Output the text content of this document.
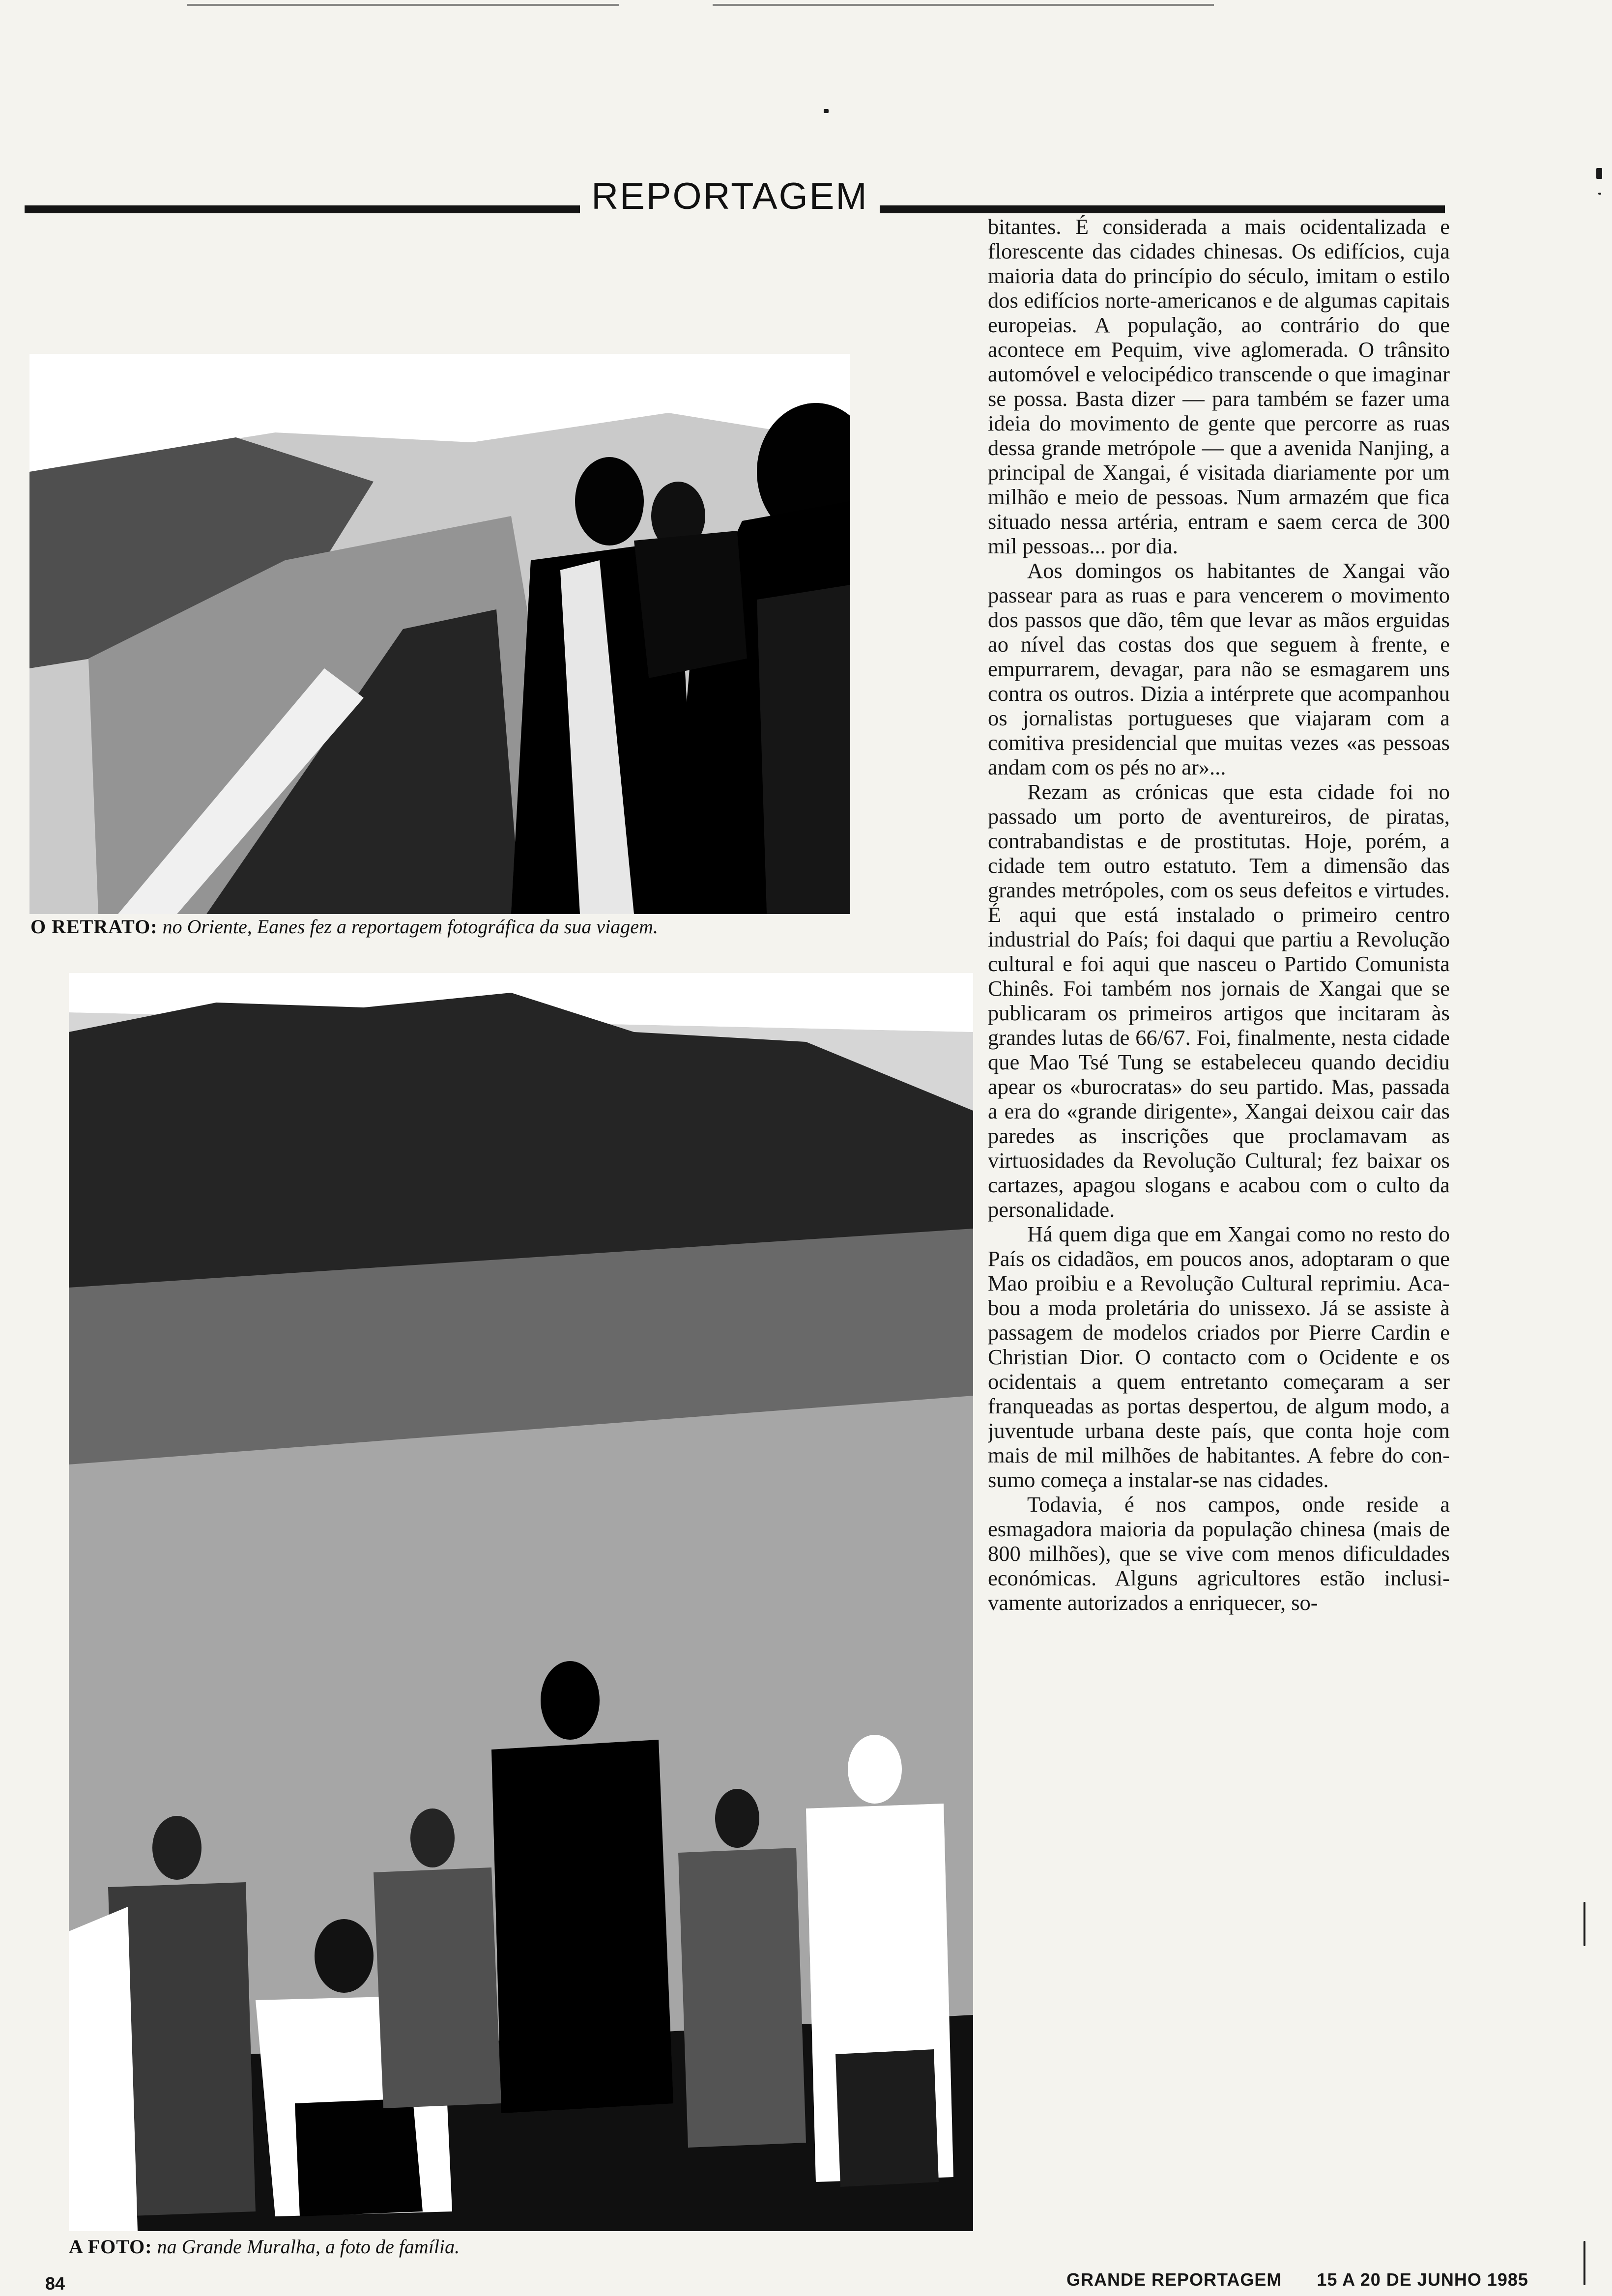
REPORTAGEM
O RETRATO: no Oriente, Eanes fez a reportagem fotográfica da sua viagem.
A FOTO: na Grande Muralha, a foto de família.

bitantes. É considerada a mais ocidentalizada e florescente das cidades chinesas. Os edifícios, cuja maioria data do princípio do século, imitam o estilo dos edifícios norte-americanos e de algumas capitais europeias. A população, ao contrário do que acontece em Pequim, vive aglomerada. O trânsito automóvel e velocipédico transcende o que imaginar se possa. Basta dizer — para também se fazer uma ideia do movimento de gente que percorre as ruas dessa grande metrópole — que a avenida Nanjing, a principal de Xangai, é visitada diariamente por um milhão e meio de pessoas. Num armazém que fica situado nessa artéria, entram e saem cerca de 300 mil pessoas... por dia.

Aos domingos os habitantes de Xangai vão passear para as ruas e para vencerem o movimento dos passos que dão, têm que levar as mãos erguidas ao nível das costas dos que seguem à frente, e empurrarem, devagar, para não se esmagarem uns contra os outros. Dizia a intérprete que acompanhou os jornalistas portugueses que viajaram com a comitiva presidencial que muitas vezes «as pessoas andam com os pés no ar»...

Rezam as crónicas que esta cidade foi no passado um porto de aventureiros, de piratas, contrabandistas e de prostitutas. Hoje, porém, a cidade tem outro estatuto. Tem a dimensão das grandes metrópoles, com os seus defeitos e virtudes. É aqui que está instalado o primeiro centro industrial do País; foi daqui que partiu a Revolução cultural e foi aqui que nasceu o Partido Comunista Chinês. Foi também nos jornais de Xangai que se publicaram os primeiros artigos que incitaram às grandes lutas de 66/67. Foi, finalmente, nesta cidade que Mao Tsé Tung se estabeleceu quando decidiu apear os «burocratas» do seu partido. Mas, passada a era do «grande dirigente», Xangai deixou cair das paredes as inscrições que proclamavam as virtuosidades da Revolução Cultural; fez baixar os cartazes, apagou slogans e acabou com o culto da personalidade.

Há quem diga que em Xangai como no resto do País os cidadãos, em poucos anos, adoptaram o que Mao proibiu e a Revolução Cultural reprimiu. Acabou a moda proletária do unissexo. Já se assiste à passagem de modelos criados por Pierre Cardin e Christian Dior. O contacto com o Ocidente e os ocidentais a quem entretanto começaram a ser franqueadas as portas despertou, de algum modo, a juventude urbana deste país, que conta hoje com mais de mil milhões de habitantes. A febre do consumo começa a instalar-se nas cidades.

Todavia, é nos campos, onde reside a esmagadora maioria da população chinesa (mais de 800 milhões), que se vive com menos dificuldades económicas. Alguns agricultores estão inclusivamente autorizados a enriquecer, so-

84	GRANDE REPORTAGEM 15 A 20 DE JUNHO 1985
